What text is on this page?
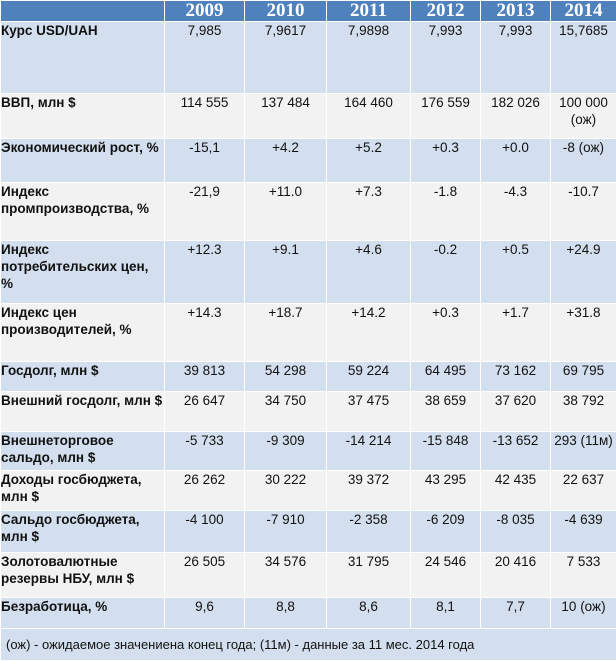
	2009	2010	2011	2012	2013	2014
Курс USD/UAH	7,985	7,9617	7,9898	7,993	7,993	15,7685
ВВП, млн $	114 555	137 484	164 460	176 559	182 026	100 000 (ож)
Экономический рост, %	-15,1	+4.2	+5.2	+0.3	+0.0	-8 (ож)
Индекс промпроизводства, %	-21,9	+11.0	+7.3	-1.8	-4.3	-10.7
Индекс потребительских цен, %	+12.3	+9.1	+4.6	-0.2	+0.5	+24.9
Индекс цен производителей, %	+14.3	+18.7	+14.2	+0.3	+1.7	+31.8
Госдолг, млн $	39 813	54 298	59 224	64 495	73 162	69 795
Внешний госдолг, млн $	26 647	34 750	37 475	38 659	37 620	38 792
Внешнеторговое сальдо, млн $	-5 733	-9 309	-14 214	-15 848	-13 652	293 (11м)
Доходы госбюджета, млн $	26 262	30 222	39 372	43 295	42 435	22 637
Сальдо госбюджета, млн $	-4 100	-7 910	-2 358	-6 209	-8 035	-4 639
Золотовалютные резервы НБУ, млн $	26 505	34 576	31 795	24 546	20 416	7 533
Безработица, %	9,6	8,8	8,6	8,1	7,7	10 (ож)
(ож) - ожидаемое значениена конец года; (11м) - данные за 11 мес. 2014 года						
